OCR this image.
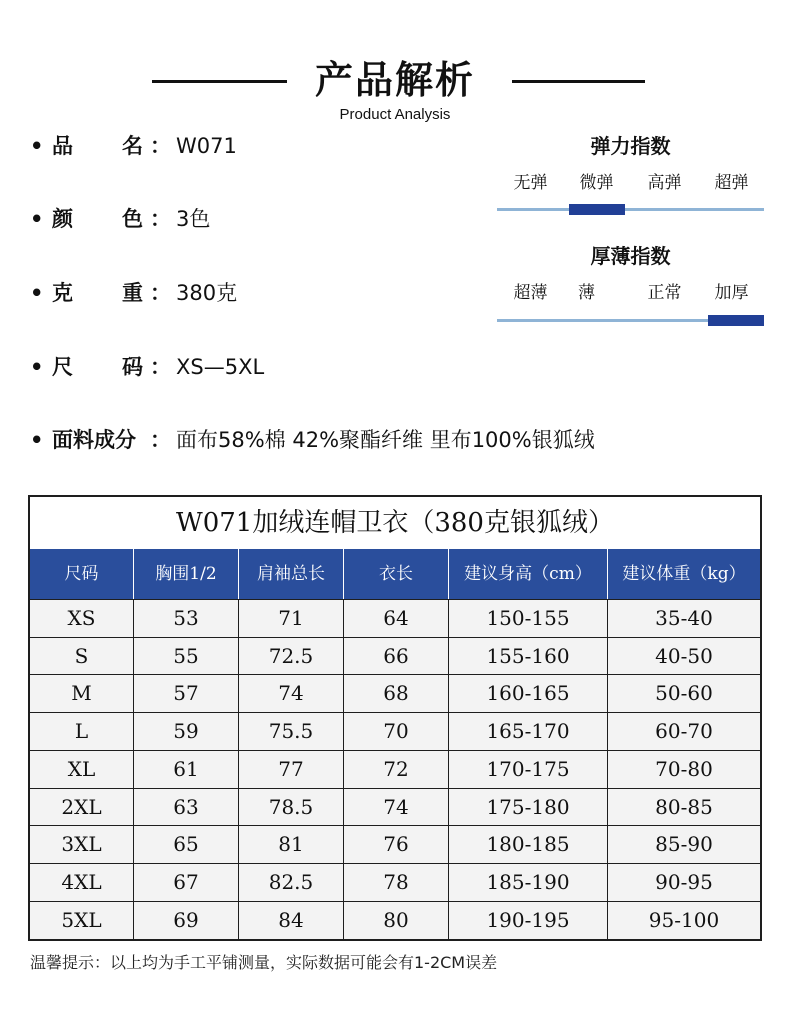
产品解析
Product Analysis
• 品 名 ： W071
• 颜 色 ： 3色
• 克 重 ： 380克
• 尺 码 ： XS—5XL
• 面料成分 ： 面布58%棉 42%聚酯纤维 里布100%银狐绒
弹力指数
无弹	微弹	高弹	超弹
厚薄指数
超薄	薄	正常	加厚
W071加绒连帽卫衣（380克银狐绒）
尺码	胸围1/2	肩袖总长	衣长	建议身高（cm）	建议体重（kg）
XS	53	71	64	150-155	35-40
S	55	72.5	66	155-160	40-50
M	57	74	68	160-165	50-60
L	59	75.5	70	165-170	60-70
XL	61	77	72	170-175	70-80
2XL	63	78.5	74	175-180	80-85
3XL	65	81	76	180-185	85-90
4XL	67	82.5	78	185-190	90-95
5XL	69	84	80	190-195	95-100
温馨提示：以上均为手工平铺测量，实际数据可能会有1-2CM误差
